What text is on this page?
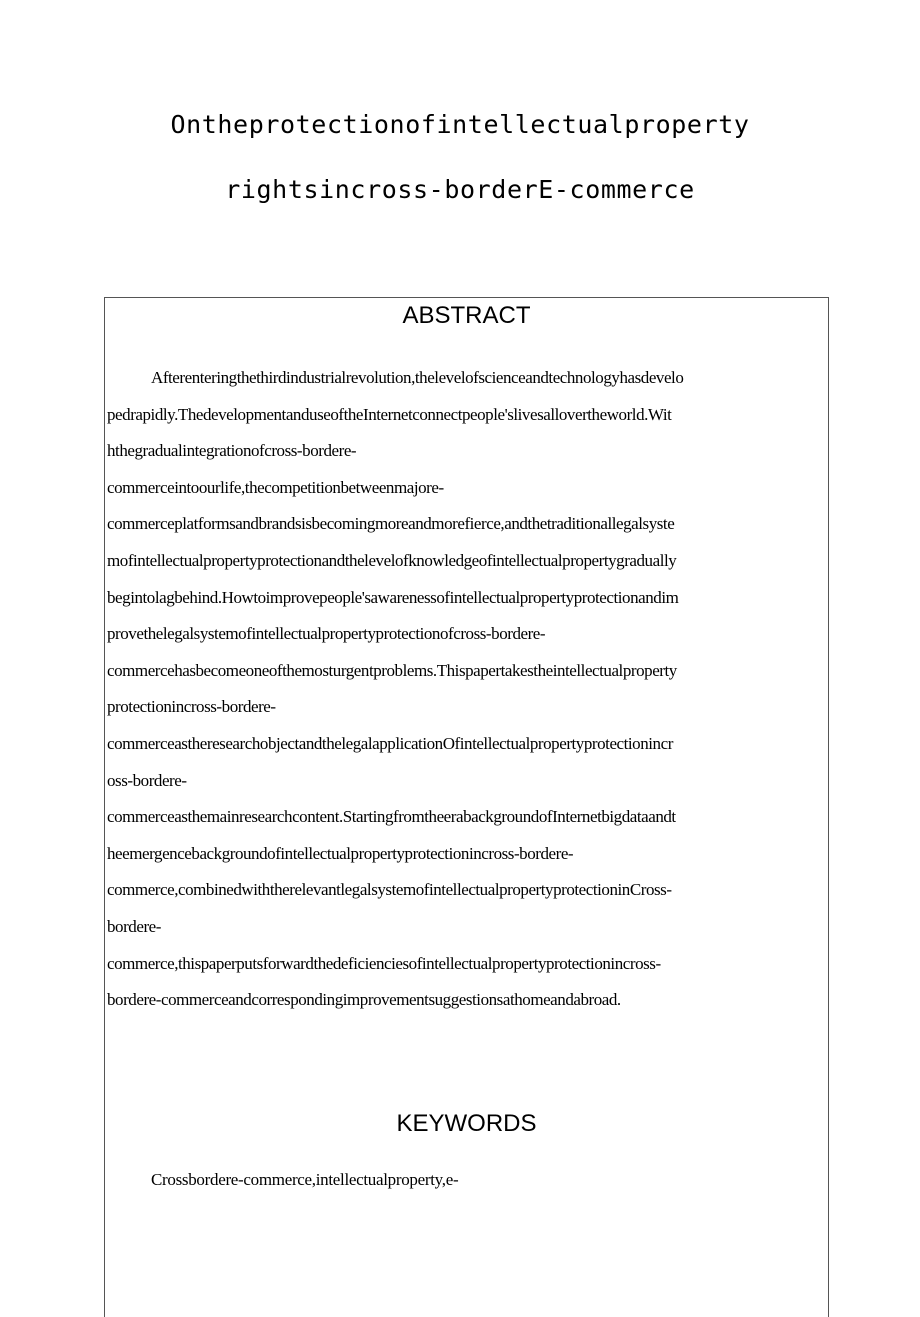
Ontheprotectionofintellectualproperty
rightsincross-borderE-commerce
ABSTRACT
Afterenteringthethirdindustrialrevolution,thelevelofscienceandtechnologyhasdevelo
pedrapidly.ThedevelopmentanduseoftheInternetconnectpeople'slivesallovertheworld.Wit
hthegradualintegrationofcross-bordere-
commerceintoourlife,thecompetitionbetweenmajore-
commerceplatformsandbrandsisbecomingmoreandmorefierce,andthetraditionallegalsyste
mofintellectualpropertyprotectionandthelevelofknowledgeofintellectualpropertygradually
begintolagbehind.Howtoimprovepeople'sawarenessofintellectualpropertyprotectionandim
provethelegalsystemofintellectualpropertyprotectionofcross-bordere-
commercehasbecomeoneofthemosturgentproblems.Thispapertakestheintellectualproperty
protectionincross-bordere-
commerceastheresearchobjectandthelegalapplicationOfintellectualpropertyprotectionincr
oss-bordere-
commerceasthemainresearchcontent.StartingfromtheerabackgroundofInternetbigdataandt
heemergencebackgroundofintellectualpropertyprotectionincross-bordere-
commerce,combinedwiththerelevantlegalsystemofintellectualpropertyprotectioninCross-
bordere-
commerce,thispaperputsforwardthedeficienciesofintellectualpropertyprotectionincross-
bordere-commerceandcorrespondingimprovementsuggestionsathomeandabroad.
KEYWORDS
Crossbordere-commerce,intellectualproperty,e-
